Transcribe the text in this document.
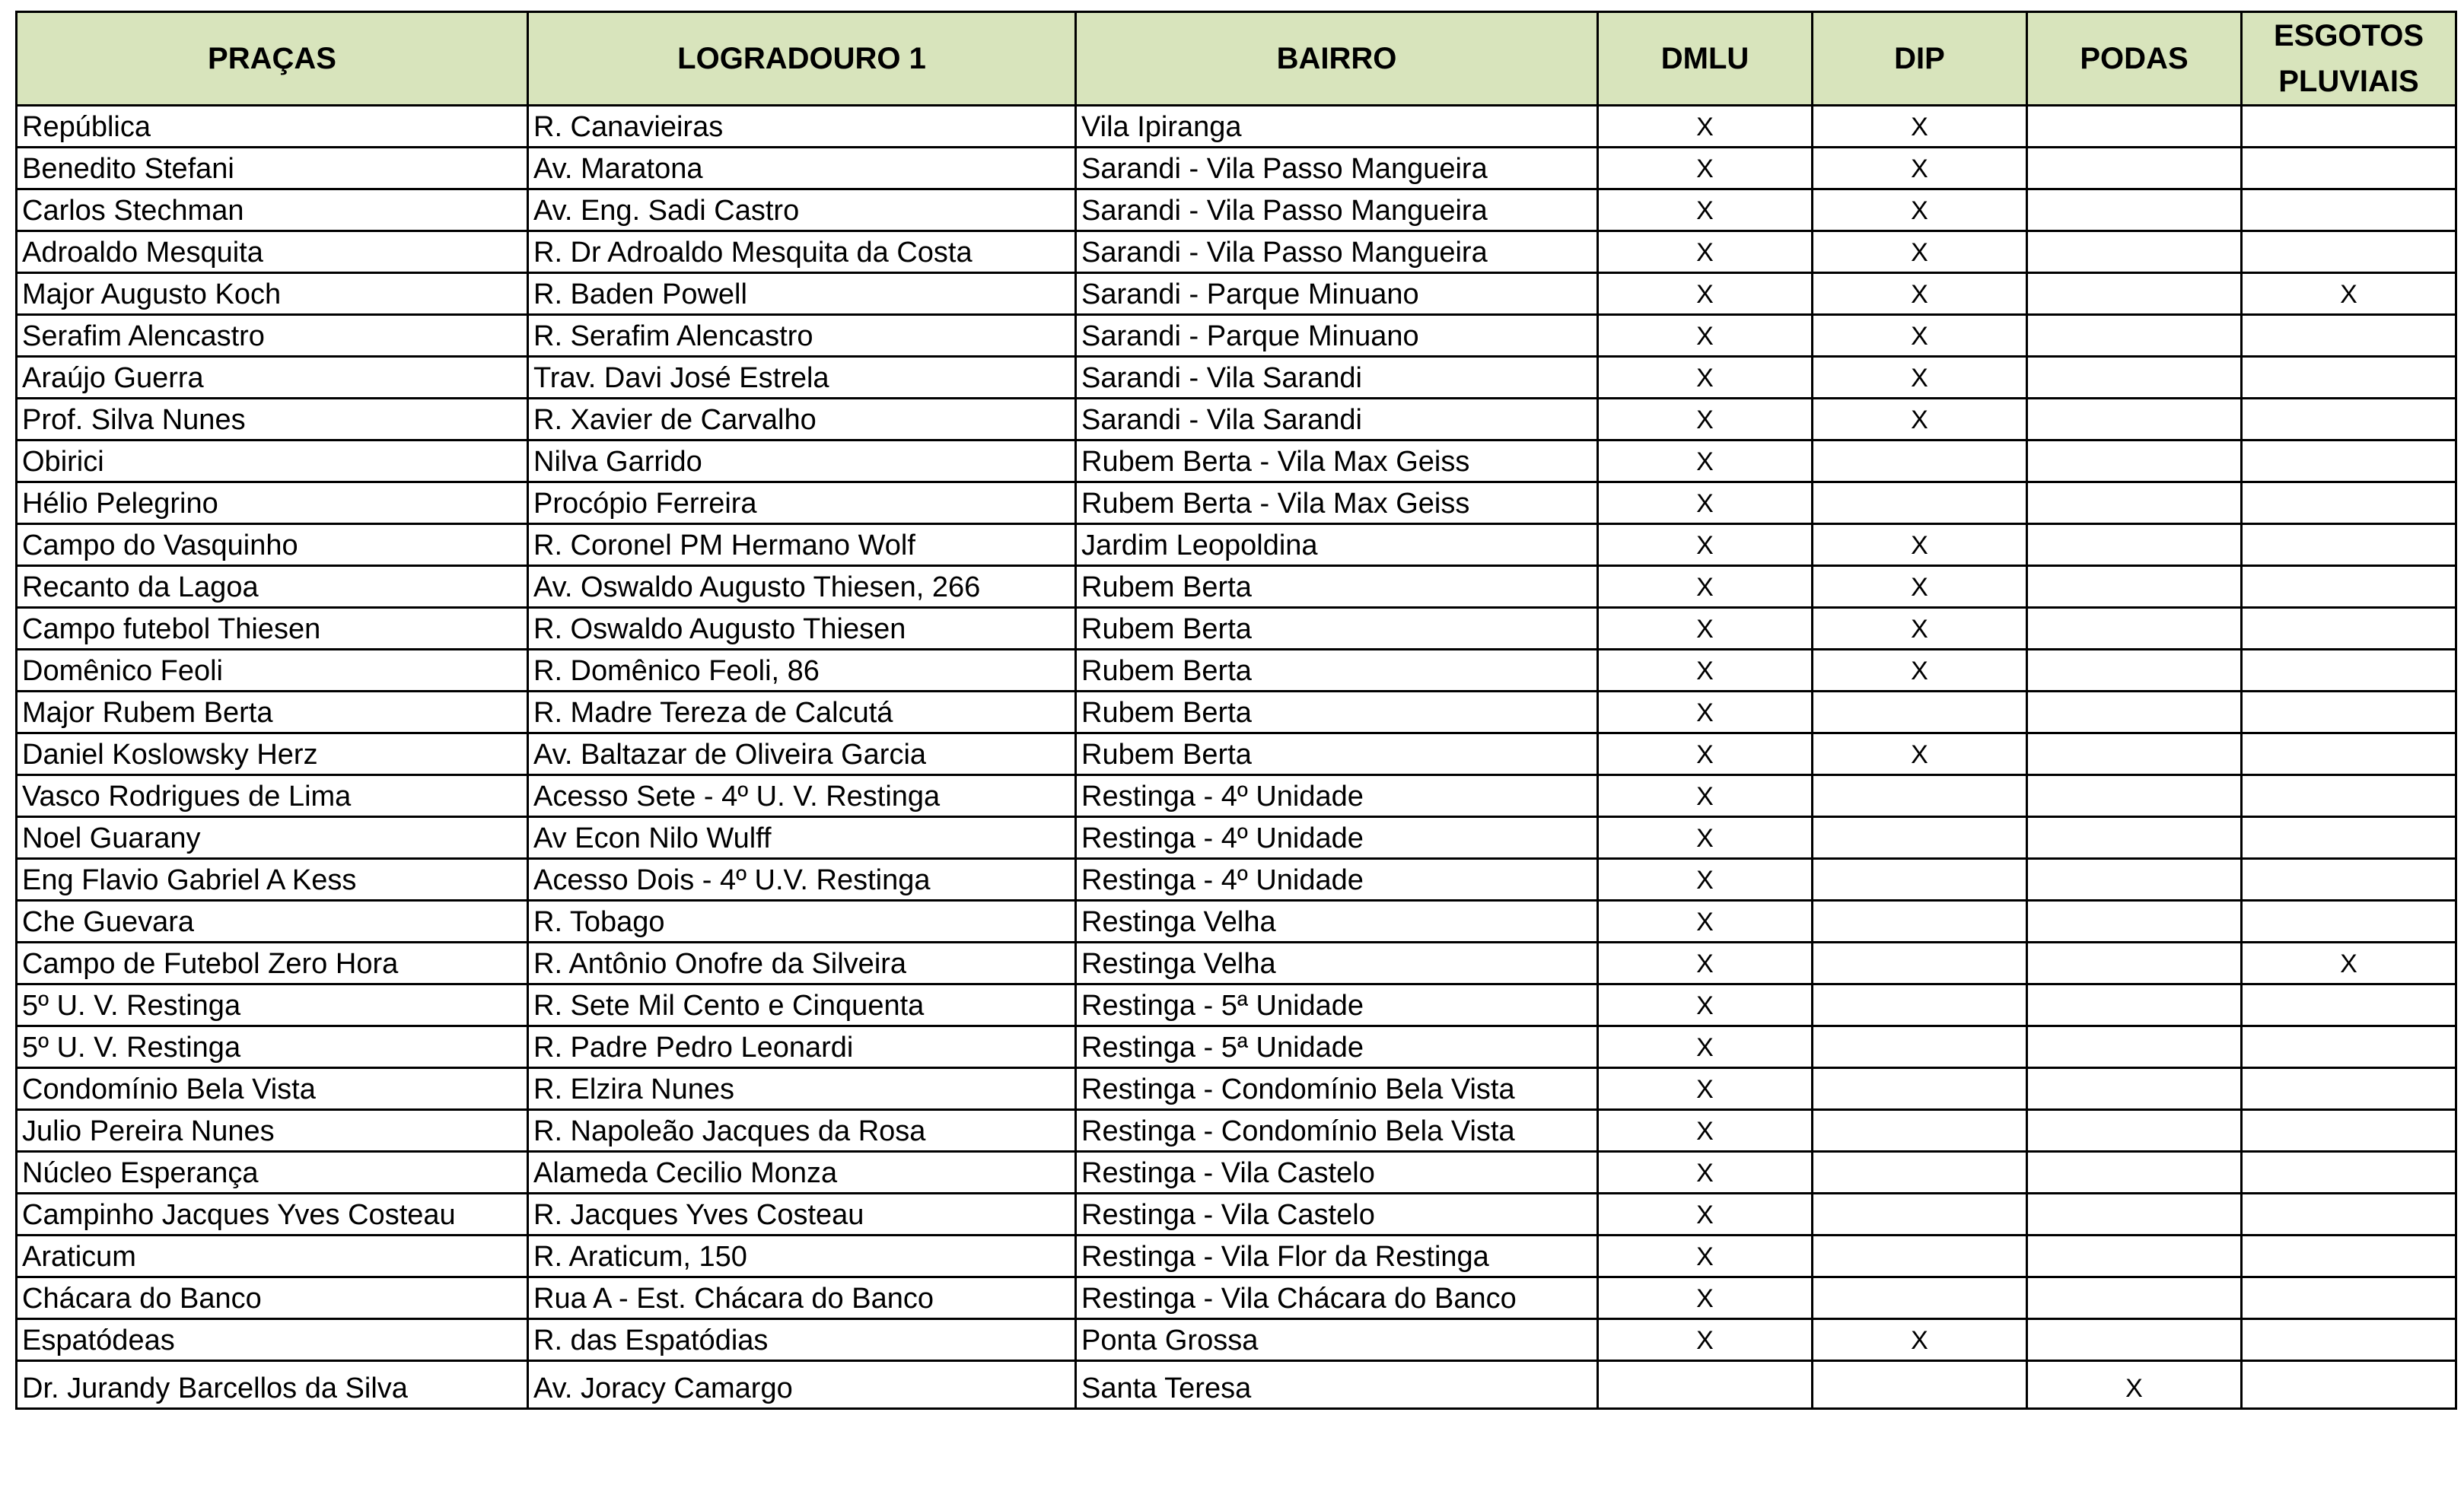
PRAÇAS	LOGRADOURO 1	BAIRRO	DMLU	DIP	PODAS	ESGOTOS PLUVIAIS
República	R. Canavieiras	Vila Ipiranga	X	X		
Benedito Stefani	Av. Maratona	Sarandi - Vila Passo Mangueira	X	X		
Carlos Stechman	Av. Eng. Sadi Castro	Sarandi - Vila Passo Mangueira	X	X		
Adroaldo Mesquita	R. Dr Adroaldo Mesquita da Costa	Sarandi - Vila Passo Mangueira	X	X		
Major Augusto Koch	R. Baden Powell	Sarandi - Parque Minuano	X	X		X
Serafim Alencastro	R. Serafim Alencastro	Sarandi - Parque Minuano	X	X		
Araújo Guerra	Trav. Davi José Estrela	Sarandi - Vila Sarandi	X	X		
Prof. Silva Nunes	R. Xavier de Carvalho	Sarandi - Vila Sarandi	X	X		
Obirici	Nilva Garrido	Rubem Berta - Vila Max Geiss	X			
Hélio Pelegrino	Procópio Ferreira	Rubem Berta - Vila Max Geiss	X			
Campo do Vasquinho	R. Coronel PM Hermano Wolf	Jardim Leopoldina	X	X		
Recanto da Lagoa	Av. Oswaldo Augusto Thiesen, 266	Rubem Berta	X	X		
Campo futebol Thiesen	R. Oswaldo Augusto Thiesen	Rubem Berta	X	X		
Domênico Feoli	R. Domênico Feoli, 86	Rubem Berta	X	X		
Major Rubem Berta	R. Madre Tereza de Calcutá	Rubem Berta	X			
Daniel Koslowsky Herz	Av. Baltazar de Oliveira Garcia	Rubem Berta	X	X		
Vasco Rodrigues de Lima	Acesso Sete - 4º U. V. Restinga	Restinga - 4º Unidade	X			
Noel Guarany	Av Econ Nilo Wulff	Restinga - 4º Unidade	X			
Eng Flavio Gabriel A Kess	Acesso Dois - 4º U.V. Restinga	Restinga - 4º Unidade	X			
Che Guevara	R. Tobago	Restinga Velha	X			
Campo de Futebol Zero Hora	R. Antônio Onofre da Silveira	Restinga Velha	X			X
5º U. V. Restinga	R. Sete Mil Cento e Cinquenta	Restinga - 5ª Unidade	X			
5º U. V. Restinga	R. Padre Pedro Leonardi	Restinga - 5ª Unidade	X			
Condomínio Bela Vista	R. Elzira Nunes	Restinga - Condomínio Bela Vista	X			
Julio Pereira Nunes	R. Napoleão Jacques da Rosa	Restinga - Condomínio Bela Vista	X			
Núcleo Esperança	Alameda Cecilio Monza	Restinga - Vila Castelo	X			
Campinho Jacques Yves Costeau	R. Jacques Yves Costeau	Restinga - Vila Castelo	X			
Araticum	R. Araticum, 150	Restinga - Vila Flor da Restinga	X			
Chácara do Banco	Rua A - Est. Chácara do Banco	Restinga - Vila Chácara do Banco	X			
Espatódeas	R. das Espatódias	Ponta Grossa	X	X		
Dr. Jurandy Barcellos da Silva	Av. Joracy Camargo	Santa Teresa			X	
